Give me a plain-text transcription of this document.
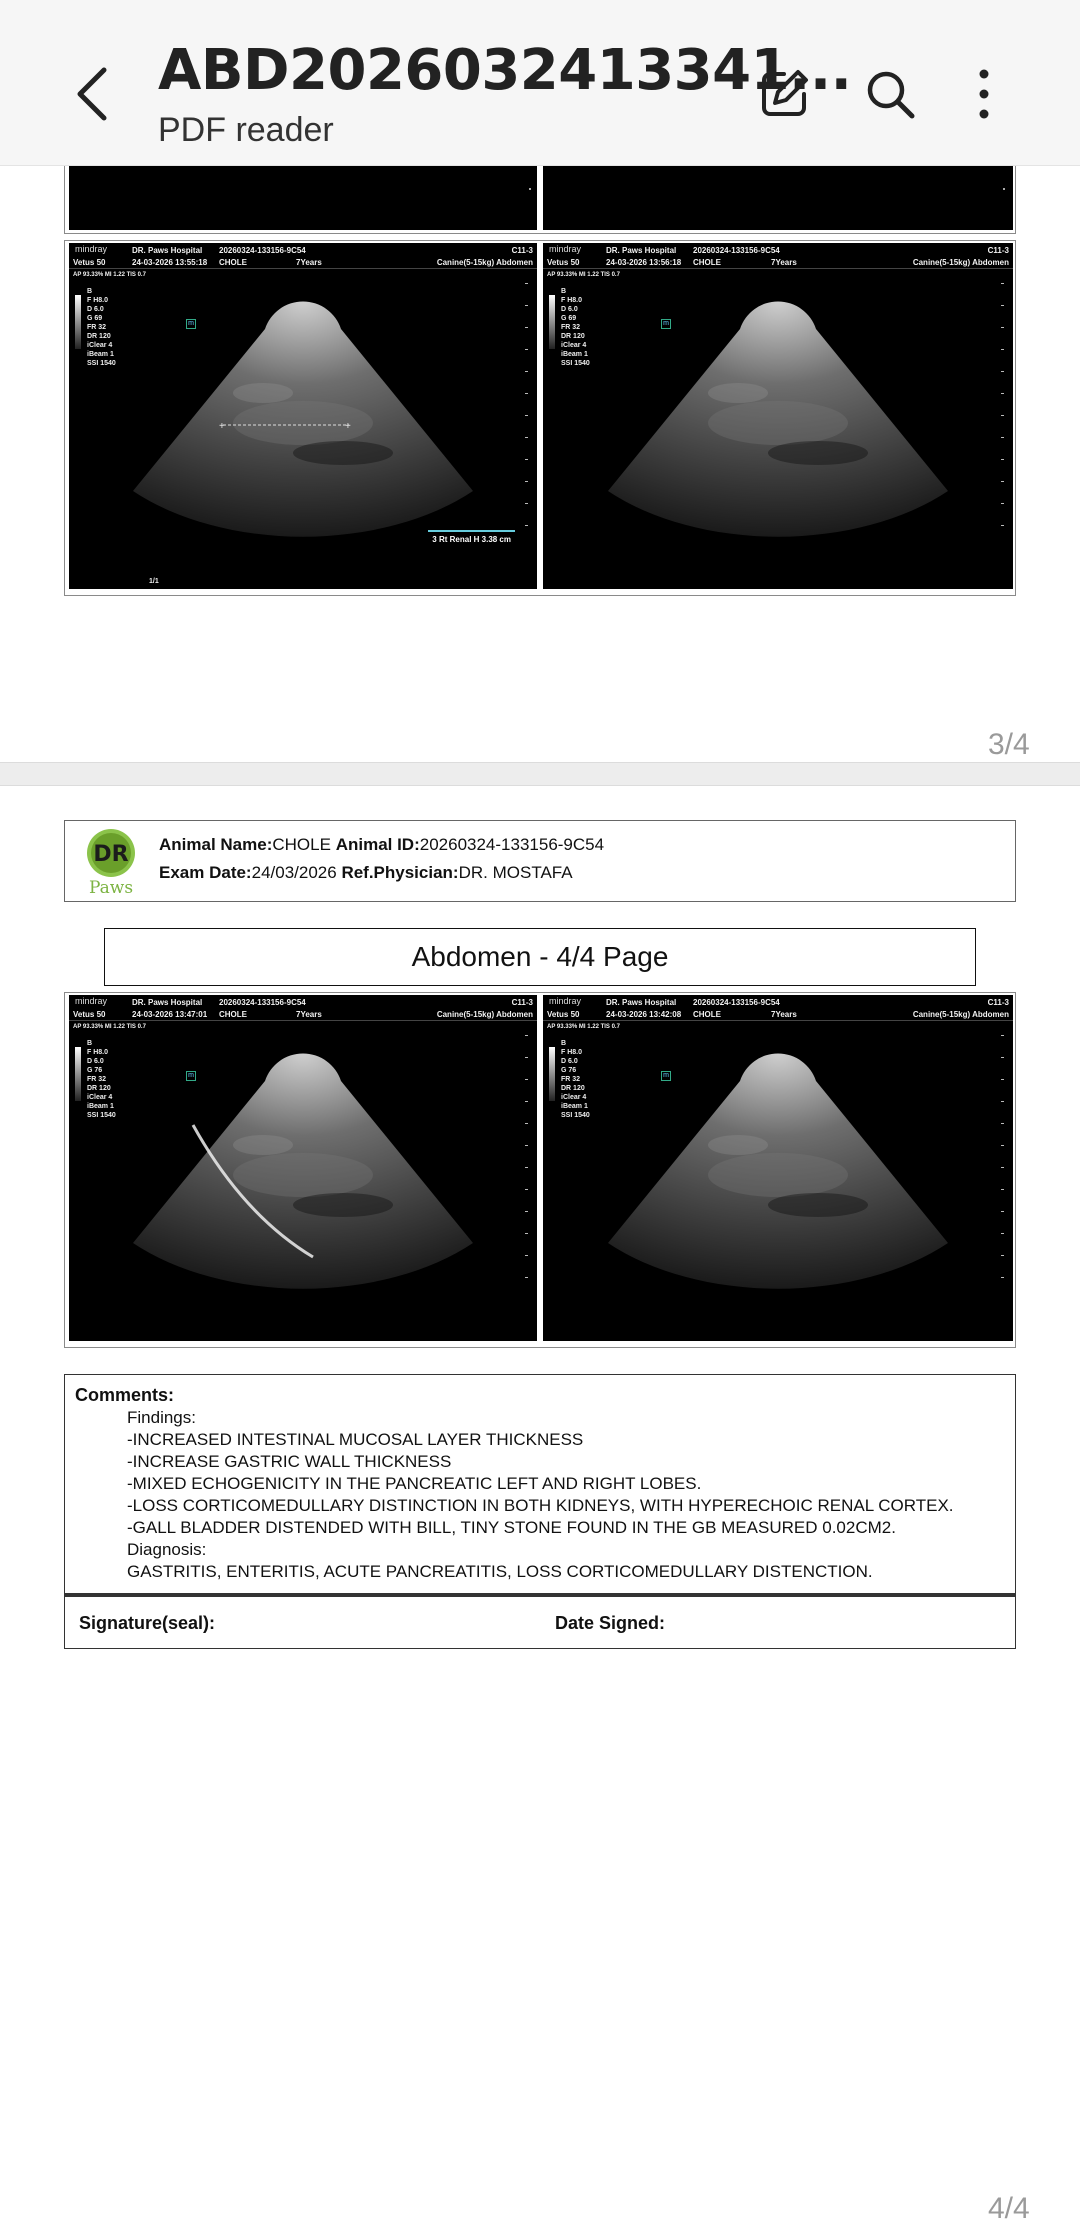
+	+
mindray
Vetus 50
DR. Paws Hospital
24-03-2026 13:55:18
20260324-133156-9C54
CHOLE
C11-3
7Years	Canine(5-15kg) Abdomen
AP 93.33% MI 1.22 TIS 0.7
B
F H8.0
D 6.0
G 69
FR 32
DR 120
iClear 4
iBeam 1
SSI 1540
m
3 Rt Renal H 3.38 cm
1/1
mindray
Vetus 50
DR. Paws Hospital
24-03-2026 13:56:18
20260324-133156-9C54
CHOLE
C11-3
7Years	Canine(5-15kg) Abdomen
AP 93.33% MI 1.22 TIS 0.7
B
F H8.0
D 6.0
G 69
FR 32
DR 120
iClear 4
iBeam 1
SSI 1540
m
3/4
DR
Paws
Animal Name:CHOLE Animal ID:20260324-133156-9C54
Exam Date:24/03/2026 Ref.Physician:DR. MOSTAFA
Abdomen - 4/4 Page
mindray
Vetus 50
DR. Paws Hospital
24-03-2026 13:47:01
20260324-133156-9C54
CHOLE
C11-3
7Years	Canine(5-15kg) Abdomen
AP 93.33% MI 1.22 TIS 0.7
B
F H8.0
D 6.0
G 76
FR 32
DR 120
iClear 4
iBeam 1
SSI 1540
m
mindray
Vetus 50
DR. Paws Hospital
24-03-2026 13:42:08
20260324-133156-9C54
CHOLE
C11-3
7Years	Canine(5-15kg) Abdomen
AP 93.33% MI 1.22 TIS 0.7
B
F H8.0
D 6.0
G 76
FR 32
DR 120
iClear 4
iBeam 1
SSI 1540
m
Comments:
Findings:
-INCREASED INTESTINAL MUCOSAL LAYER THICKNESS
-INCREASE GASTRIC WALL THICKNESS
-MIXED ECHOGENICITY IN THE PANCREATIC LEFT AND RIGHT LOBES.
-LOSS CORTICOMEDULLARY DISTINCTION IN BOTH KIDNEYS, WITH HYPERECHOIC RENAL CORTEX.
-GALL BLADDER DISTENDED WITH BILL, TINY STONE FOUND IN THE GB MEASURED 0.02CM2.
Diagnosis:
GASTRITIS, ENTERITIS, ACUTE PANCREATITIS, LOSS CORTICOMEDULLARY DISTENCTION.
Signature(seal):	Date Signed:
4/4
ABD2026032413341...
PDF reader
